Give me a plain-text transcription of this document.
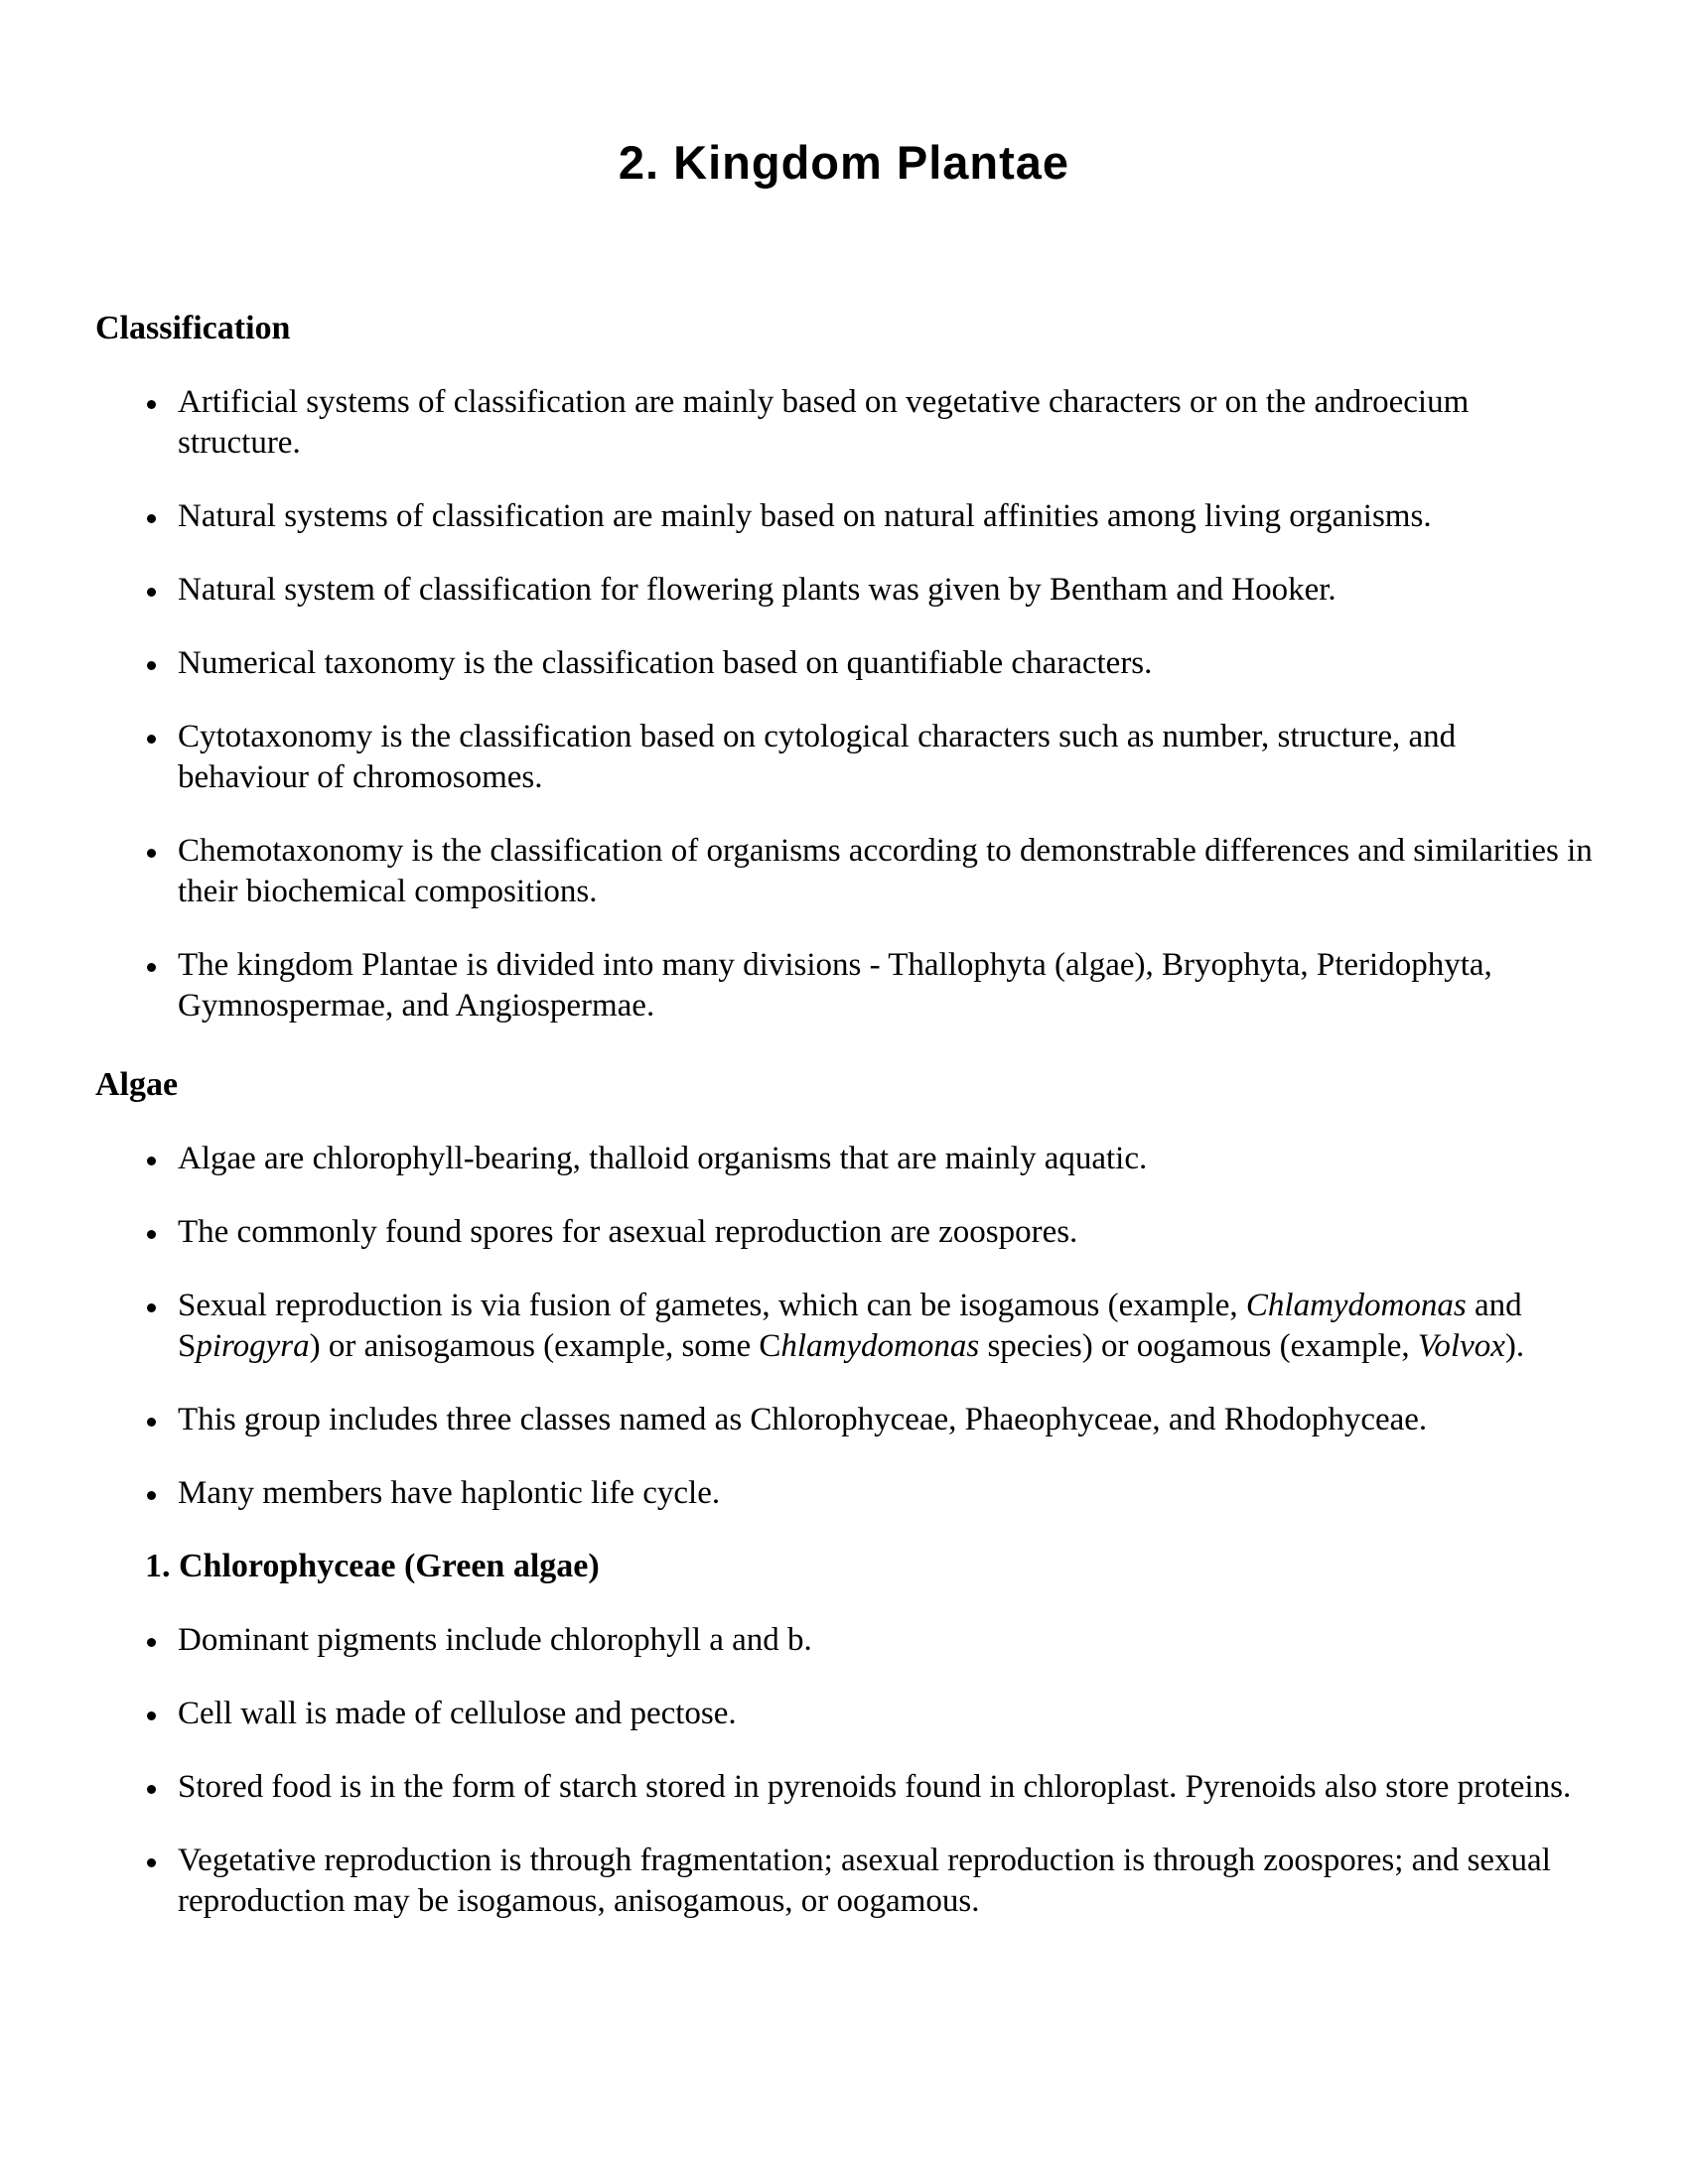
2. Kingdom Plantae
Classification
Artificial systems of classification are mainly based on vegetative characters or on the androecium structure.
Natural systems of classification are mainly based on natural affinities among living organisms.
Natural system of classification for flowering plants was given by Bentham and Hooker.
Numerical taxonomy is the classification based on quantifiable characters.
Cytotaxonomy is the classification based on cytological characters such as number, structure, and behaviour of chromosomes.
Chemotaxonomy is the classification of organisms according to demonstrable differences and similarities in their biochemical compositions.
The kingdom Plantae is divided into many divisions - Thallophyta (algae), Bryophyta, Pteridophyta, Gymnospermae, and Angiospermae.
Algae
Algae are chlorophyll-bearing, thalloid organisms that are mainly aquatic.
The commonly found spores for asexual reproduction are zoospores.
Sexual reproduction is via fusion of gametes, which can be isogamous (example, Chlamydomonas and Spirogyra) or anisogamous (example, some Chlamydomonas species) or oogamous (example, Volvox).
This group includes three classes named as Chlorophyceae, Phaeophyceae, and Rhodophyceae.
Many members have haplontic life cycle.
1. Chlorophyceae (Green algae)
Dominant pigments include chlorophyll a and b.
Cell wall is made of cellulose and pectose.
Stored food is in the form of starch stored in pyrenoids found in chloroplast. Pyrenoids also store proteins.
Vegetative reproduction is through fragmentation; asexual reproduction is through zoospores; and sexual reproduction may be isogamous, anisogamous, or oogamous.
